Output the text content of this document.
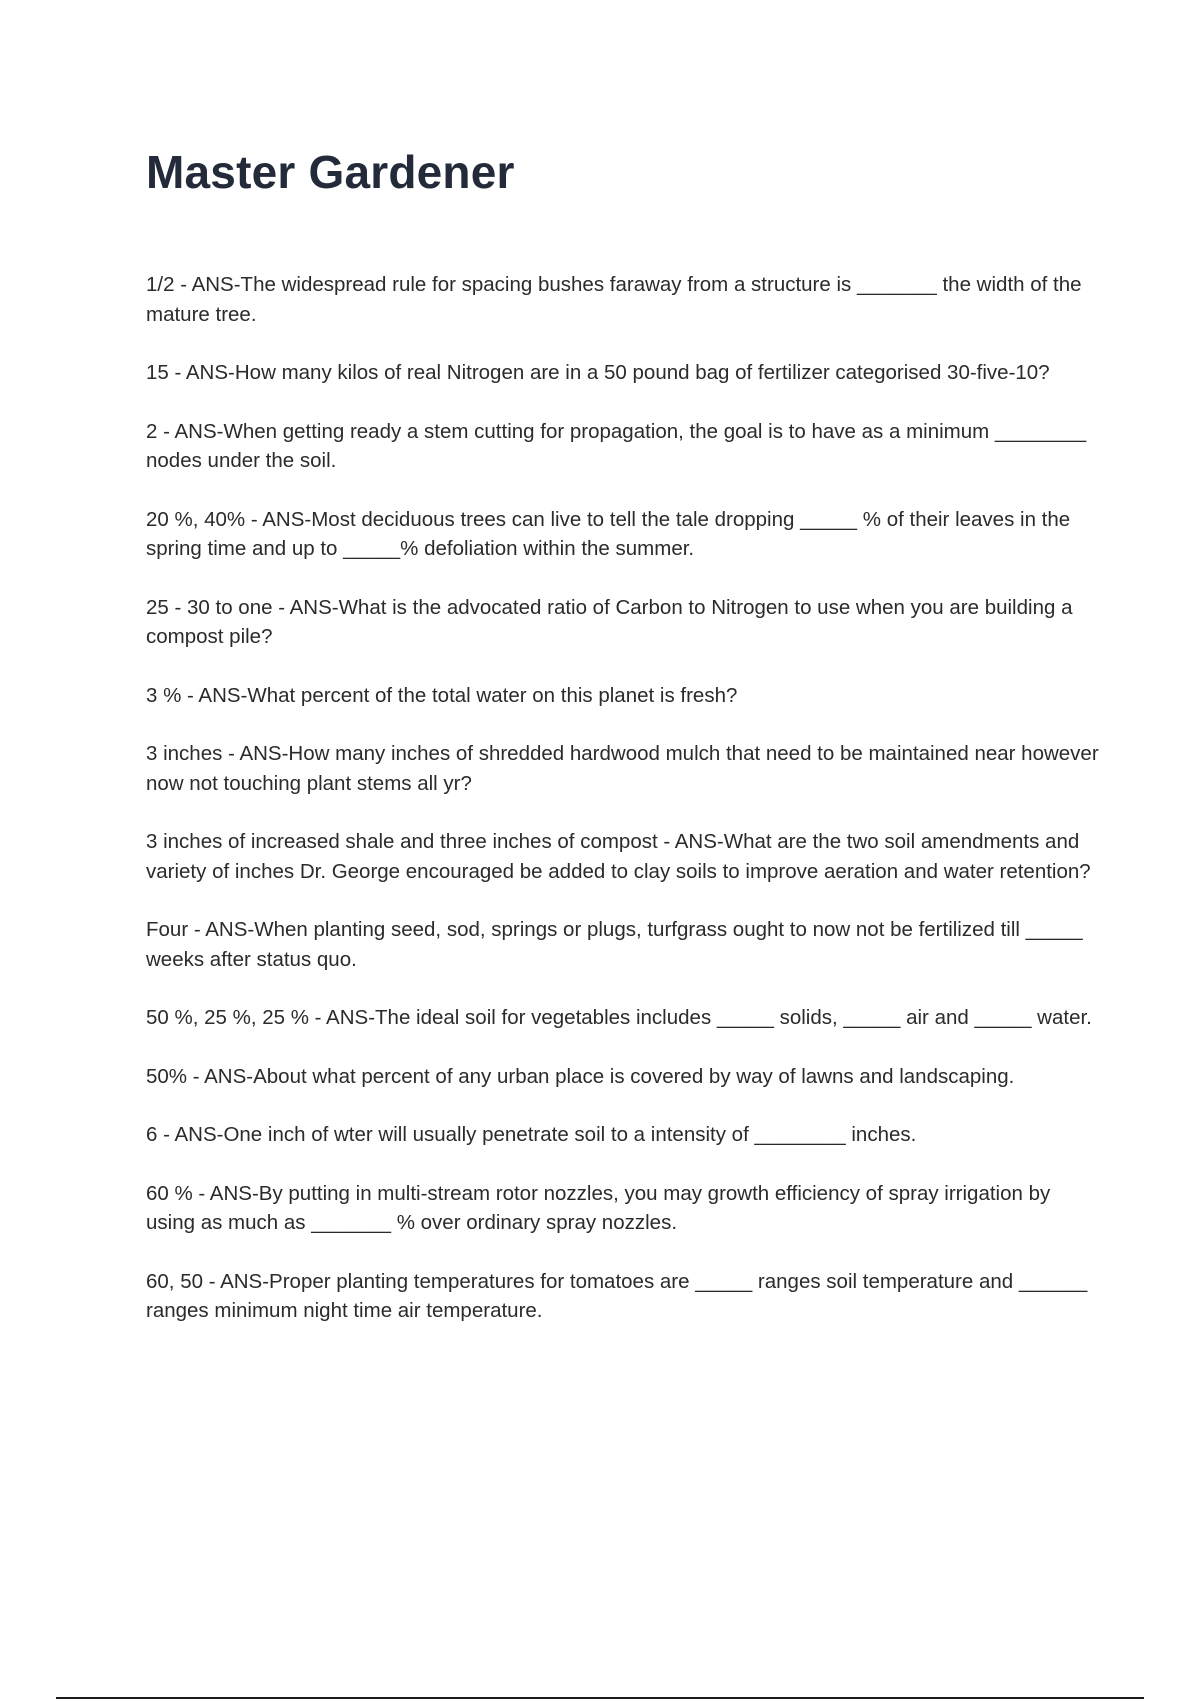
Master Gardener
1/2 - ANS-The widespread rule for spacing bushes faraway from a structure is _______ the width of the mature tree.
15 - ANS-How many kilos of real Nitrogen are in a 50 pound bag of fertilizer categorised 30-five-10?
2 - ANS-When getting ready a stem cutting for propagation, the goal is to have as a minimum ________ nodes under the soil.
20 %, 40% - ANS-Most deciduous trees can live to tell the tale dropping _____ % of their leaves in the spring time and up to _____% defoliation within the summer.
25 - 30 to one - ANS-What is the advocated ratio of Carbon to Nitrogen to use when you are building a compost pile?
3 % - ANS-What percent of the total water on this planet is fresh?
3 inches - ANS-How many inches of shredded hardwood mulch that need to be maintained near however now not touching plant stems all yr?
3 inches of increased shale and three inches of compost - ANS-What are the two soil amendments and variety of inches Dr. George encouraged be added to clay soils to improve aeration and water retention?
Four - ANS-When planting seed, sod, springs or plugs, turfgrass ought to now not be fertilized till _____ weeks after status quo.
50 %, 25 %, 25 % - ANS-The ideal soil for vegetables includes _____ solids, _____ air and _____ water.
50% - ANS-About what percent of any urban place is covered by way of lawns and landscaping.
6 - ANS-One inch of wter will usually penetrate soil to a intensity of ________ inches.
60 % - ANS-By putting in multi-stream rotor nozzles, you may growth efficiency of spray irrigation by using as much as _______ % over ordinary spray nozzles.
60, 50 - ANS-Proper planting temperatures for tomatoes are _____ ranges soil temperature and ______ ranges minimum night time air temperature.
